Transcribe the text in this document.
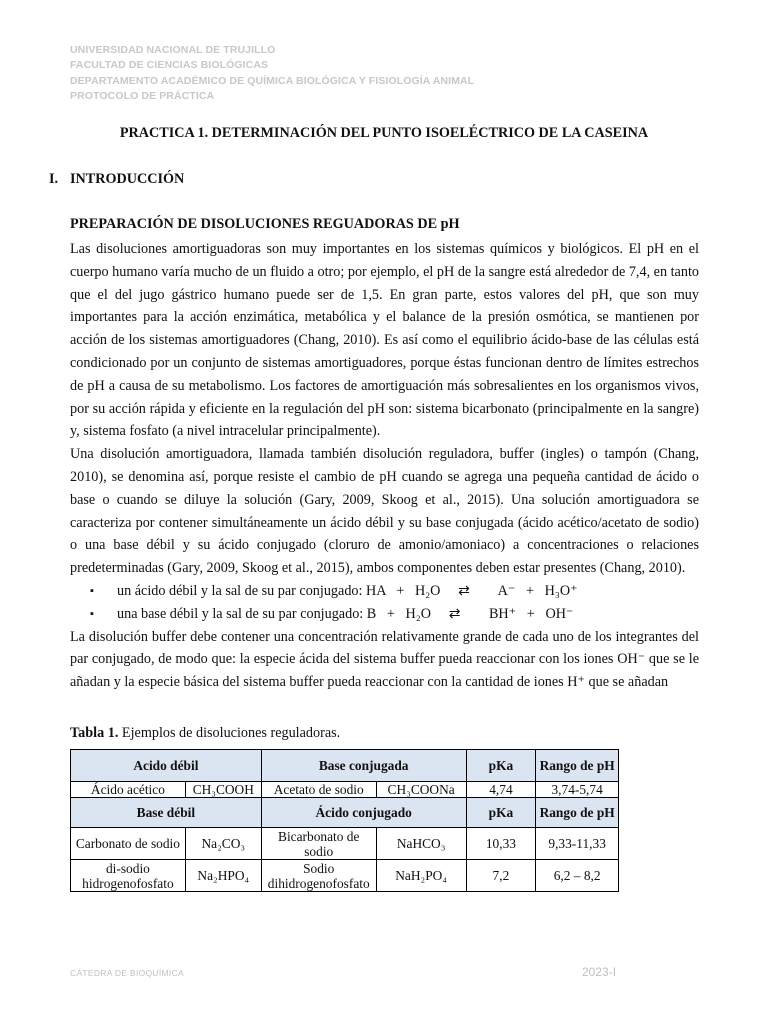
UNIVERSIDAD NACIONAL DE TRUJILLO
FACULTAD DE CIENCIAS BIOLÓGICAS
DEPARTAMENTO ACADÉMICO DE QUÍMICA BIOLÓGICA Y FISIOLOGÍA ANIMAL
PROTOCOLO DE PRÁCTICA
PRACTICA 1. DETERMINACIÓN DEL PUNTO ISOELÉCTRICO DE LA CASEINA
I. INTRODUCCIÓN
PREPARACIÓN DE DISOLUCIONES REGUADORAS DE pH

Las disoluciones amortiguadoras son muy importantes en los sistemas químicos y biológicos. El pH en el cuerpo humano varía mucho de un fluido a otro; por ejemplo, el pH de la sangre está alrededor de 7,4, en tanto que el del jugo gástrico humano puede ser de 1,5. En gran parte, estos valores del pH, que son muy importantes para la acción enzimática, metabólica y el balance de la presión osmótica, se mantienen por acción de los sistemas amortiguadores (Chang, 2010). Es así como el equilibrio ácido-base de las células está condicionado por un conjunto de sistemas amortiguadores, porque éstas funcionan dentro de límites estrechos de pH a causa de su metabolismo. Los factores de amortiguación más sobresalientes en los organismos vivos, por su acción rápida y eficiente en la regulación del pH son: sistema bicarbonato (principalmente en la sangre) y, sistema fosfato (a nivel intracelular principalmente).

Una disolución amortiguadora, llamada también disolución reguladora, buffer (ingles) o tampón (Chang, 2010), se denomina así, porque resiste el cambio de pH cuando se agrega una pequeña cantidad de ácido o base o cuando se diluye la solución (Gary, 2009, Skoog et al., 2015). Una solución amortiguadora se caracteriza por contener simultáneamente un ácido débil y su base conjugada (ácido acético/acetato de sodio) o una base débil y su ácido conjugado (cloruro de amonio/amoniaco) a concentraciones o relaciones predeterminadas (Gary, 2009, Skoog et al., 2015), ambos componentes deben estar presentes (Chang, 2010).

▪ un ácido débil y la sal de su par conjugado: HA   +   H₂O     ⇄        A⁻   +   H₃O⁺
▪ una base débil y la sal de su par conjugado: B   +   H₂O     ⇄        BH⁺   +   OH⁻

La disolución buffer debe contener una concentración relativamente grande de cada uno de los integrantes del par conjugado, de modo que: la especie ácida del sistema buffer pueda reaccionar con los iones OH⁻ que se le añadan y la especie básica del sistema buffer pueda reaccionar con la cantidad de iones H⁺ que se añadan

Tabla 1. Ejemplos de disoluciones reguladoras.
Acido débil		Base conjugada		pKa	Rango de pH
Ácido acético	CH₃COOH	Acetato de sodio	CH₃COONa	4,74	3,74-5,74
Base débil		Ácido conjugado		pKa	Rango de pH
Carbonato de sodio	Na₂CO₃	Bicarbonato de sodio	NaHCO₃	10,33	9,33-11,33
di-sodio hidrogenofosfato	Na₂HPO₄	Sodio dihidrogenofosfato	NaH₂PO₄	7,2	6,2 – 8,2
CÁTEDRA DE BIOQUÍMICA	2023-I
